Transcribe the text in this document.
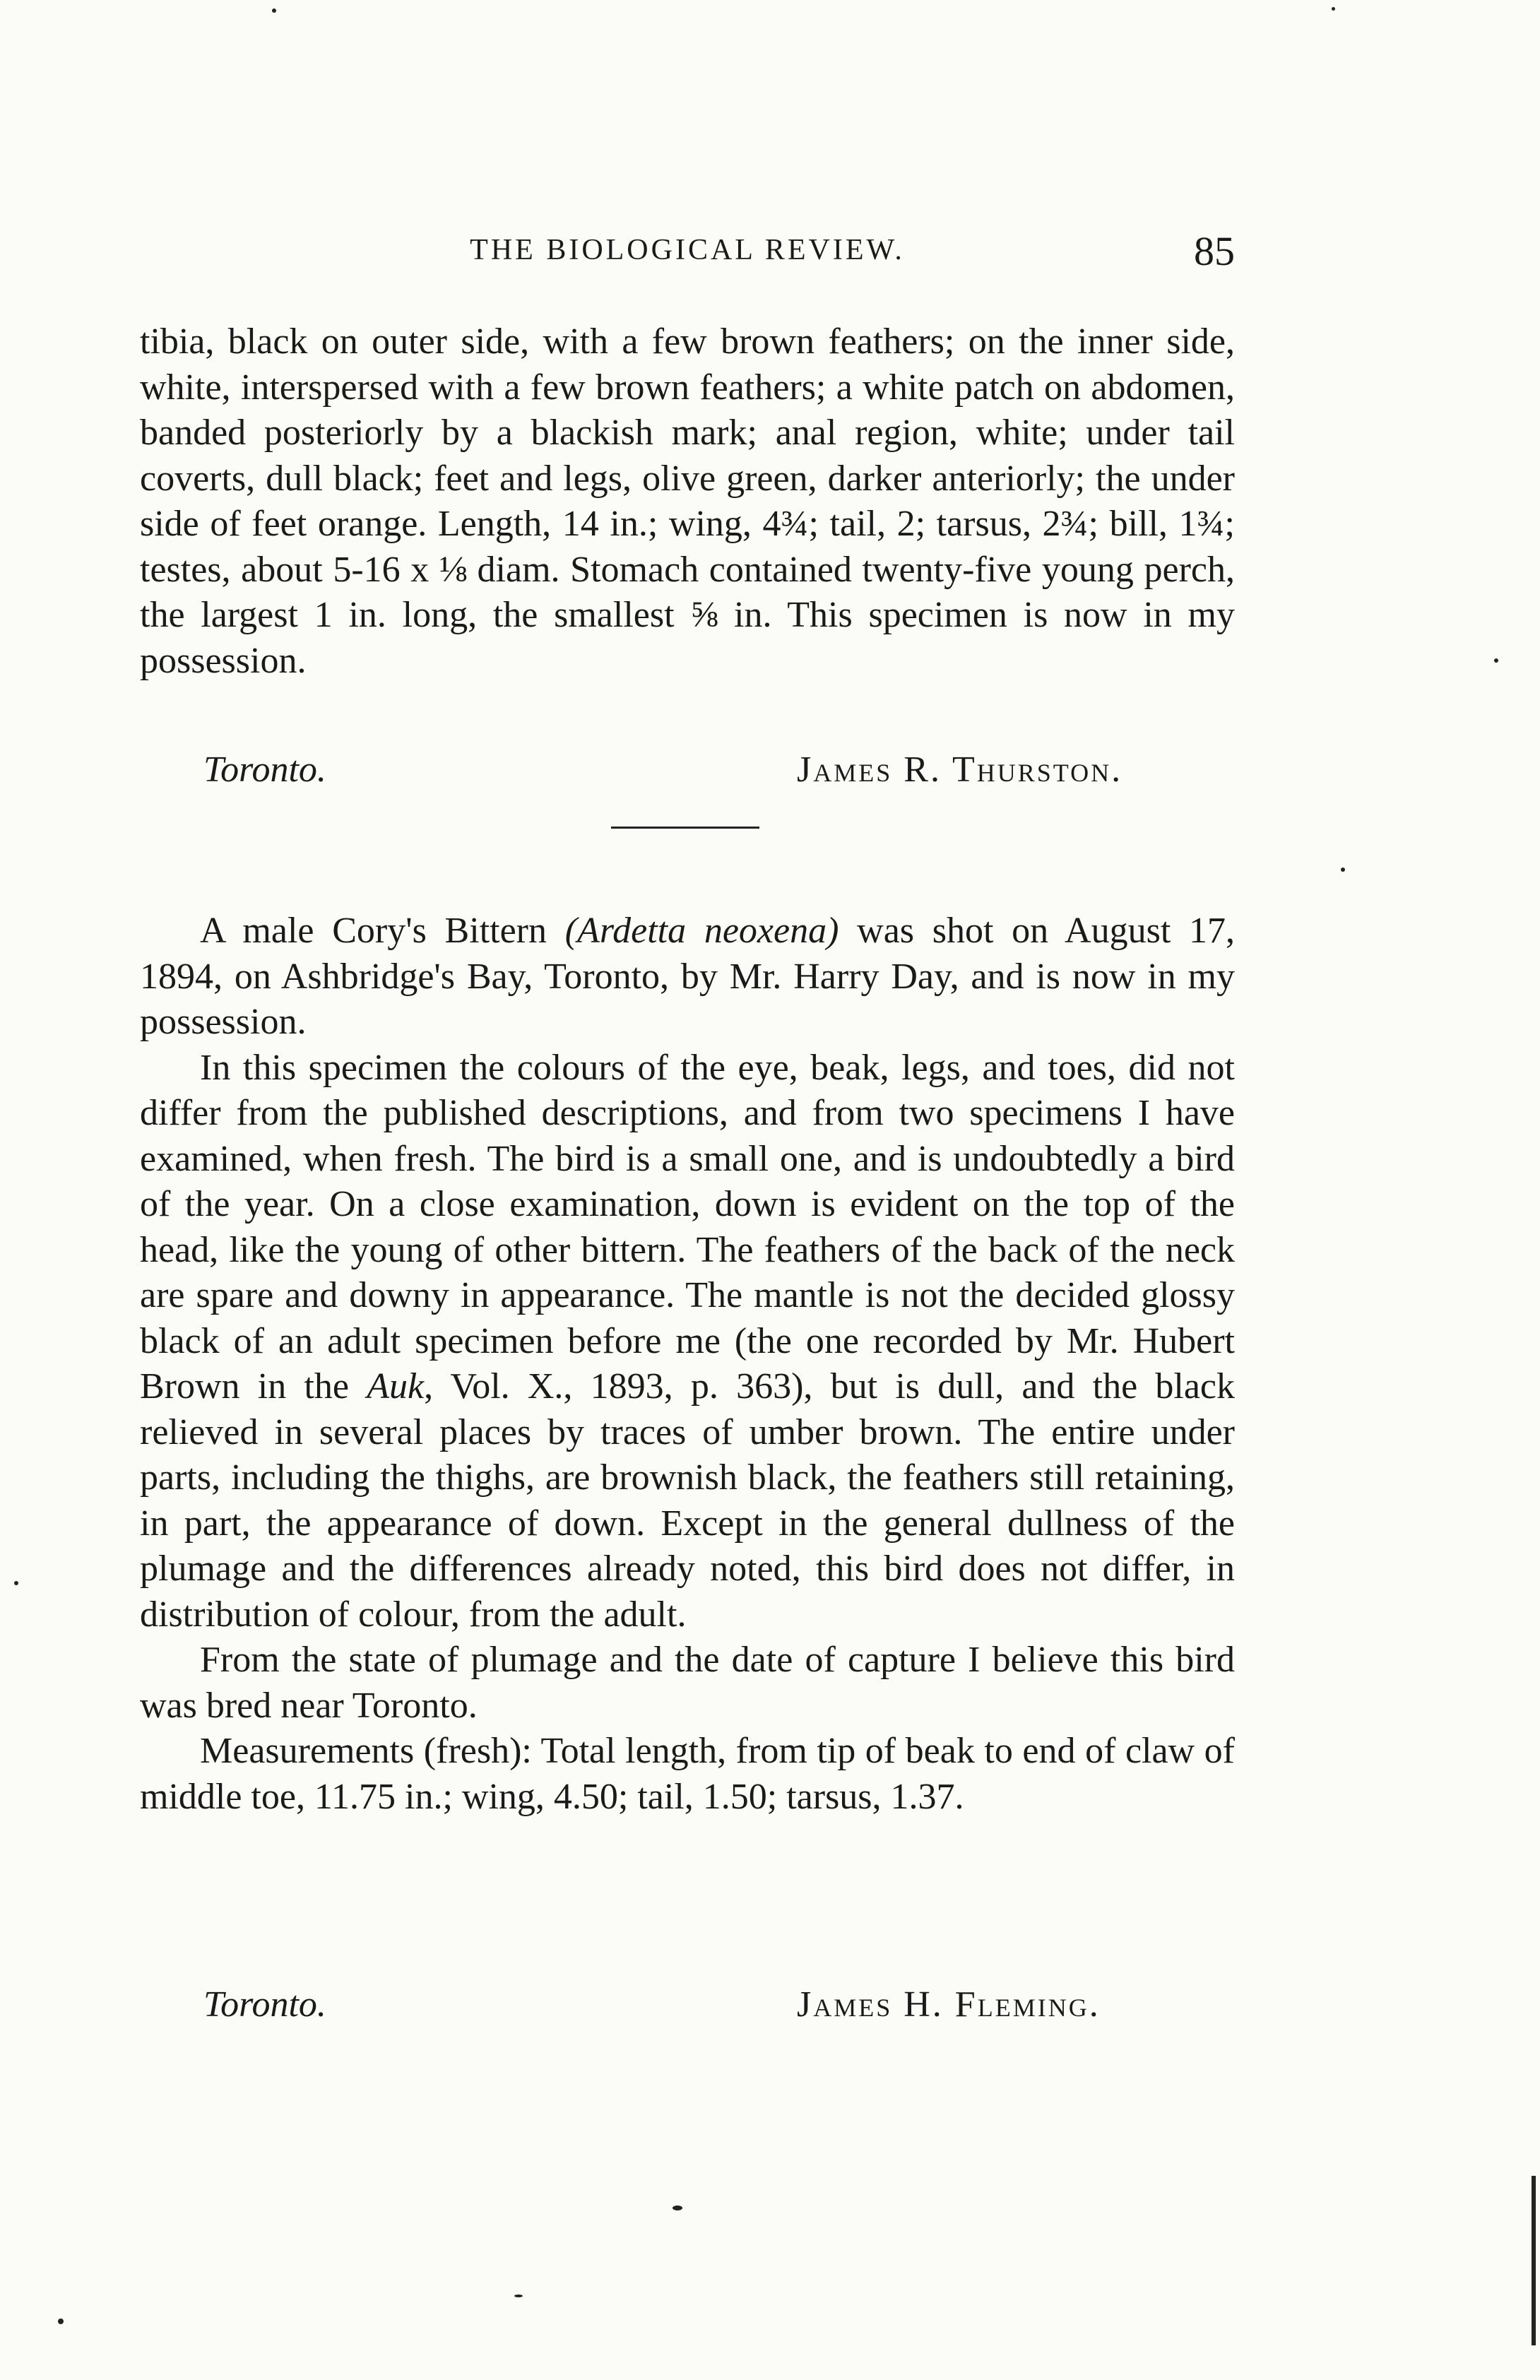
THE BIOLOGICAL REVIEW.	85

tibia, black on outer side, with a few brown feathers; on the inner side, white, interspersed with a few brown feathers; a white patch on abdomen, banded posteriorly by a blackish mark; anal region, white; under tail coverts, dull black; feet and legs, olive green, darker anteriorly; the under side of feet orange. Length, 14 in.; wing, 4¾; tail, 2; tarsus, 2¾; bill, 1¾; testes, about 5-16 x ⅛ diam. Stomach contained twenty-five young perch, the largest 1 in. long, the smallest ⅝ in. This specimen is now in my possession.

Toronto.	James R. Thurston.

A male Cory's Bittern (Ardetta neoxena) was shot on August 17, 1894, on Ashbridge's Bay, Toronto, by Mr. Harry Day, and is now in my possession.

In this specimen the colours of the eye, beak, legs, and toes, did not differ from the published descriptions, and from two specimens I have examined, when fresh. The bird is a small one, and is undoubtedly a bird of the year. On a close examination, down is evident on the top of the head, like the young of other bittern. The feathers of the back of the neck are spare and downy in appearance. The mantle is not the decided glossy black of an adult specimen before me (the one recorded by Mr. Hubert Brown in the Auk, Vol. X., 1893, p. 363), but is dull, and the black relieved in several places by traces of umber brown. The entire under parts, including the thighs, are brownish black, the feathers still retaining, in part, the appearance of down. Except in the general dullness of the plumage and the differences already noted, this bird does not differ, in distribution of colour, from the adult.

From the state of plumage and the date of capture I believe this bird was bred near Toronto.

Measurements (fresh): Total length, from tip of beak to end of claw of middle toe, 11.75 in.; wing, 4.50; tail, 1.50; tarsus, 1.37.

Toronto.	James H. Fleming.
